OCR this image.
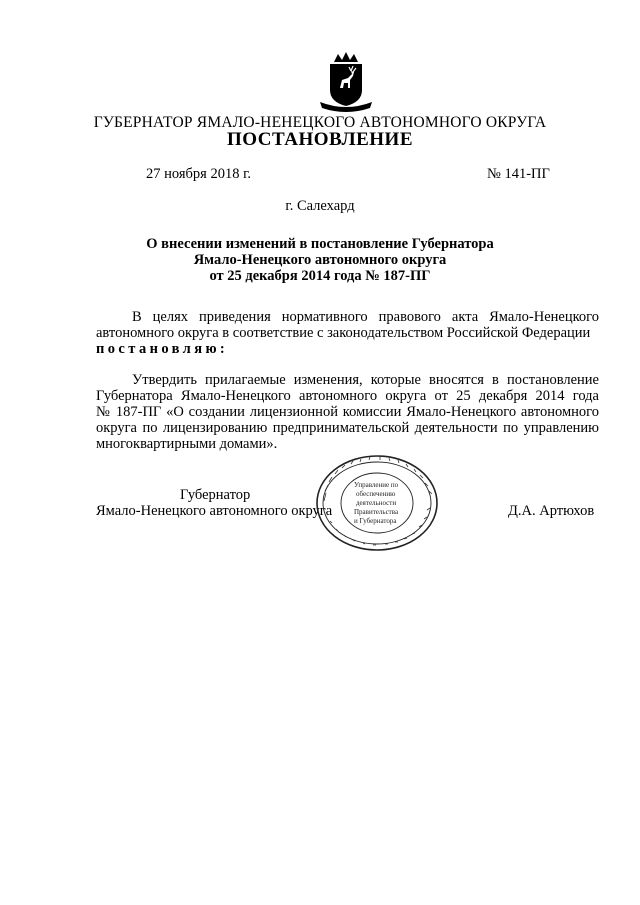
ГУБЕРНАТОР ЯМАЛО-НЕНЕЦКОГО АВТОНОМНОГО ОКРУГА
ПОСТАНОВЛЕНИЕ
27 ноября 2018 г.	№ 141-ПГ
г. Салехард
О внесении изменений в постановление Губернатора
Ямало-Ненецкого автономного округа
от 25 декабря 2014 года № 187-ПГ
В целях приведения нормативного правового акта Ямало-Ненецкого
автономного округа в соответствие с законодательством Российской Федерации
постановляю:
Утвердить прилагаемые изменения, которые вносятся в постановление
Губернатора Ямало-Ненецкого автономного округа от 25 декабря 2014 года
№ 187-ПГ «О создании лицензионной комиссии Ямало-Ненецкого автономного
округа по лицензированию предпринимательской деятельности по управлению
многоквартирными домами».
Губернатор
Ямало-Ненецкого автономного округа	Д.А. Артюхов
Управление по
обеспечению
деятельности
Правительства
и Губернатора
